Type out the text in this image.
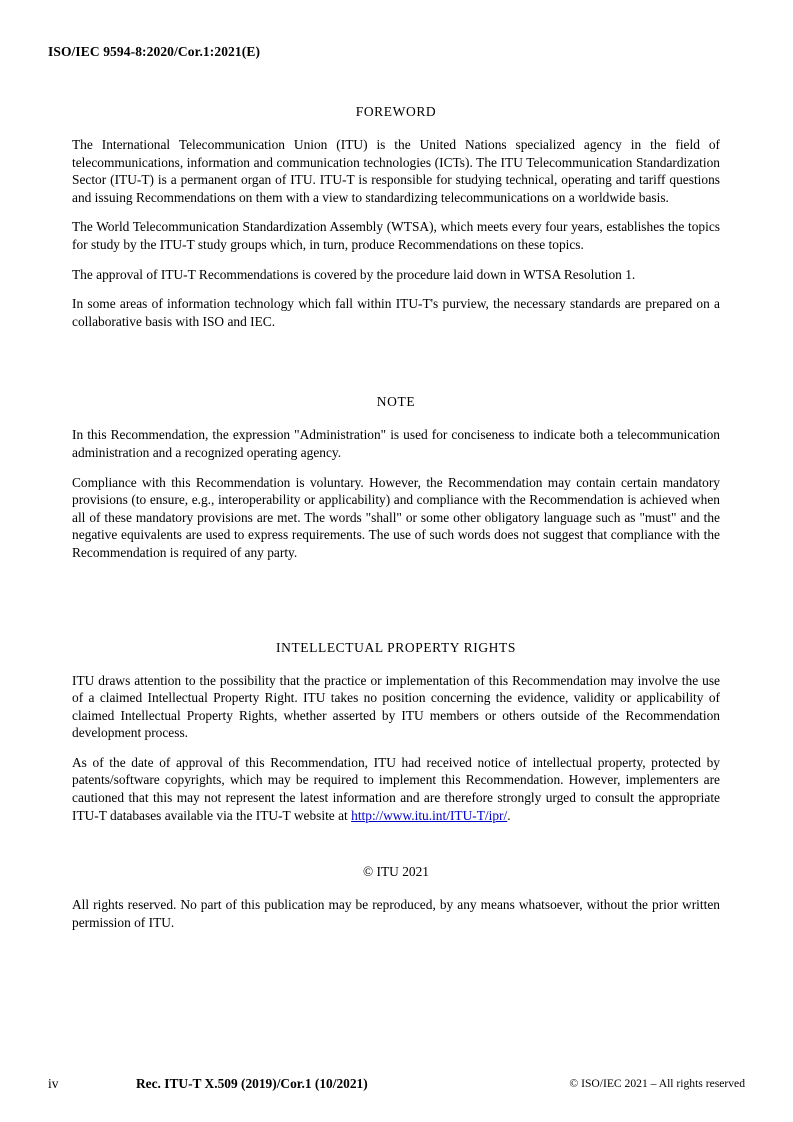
ISO/IEC 9594-8:2020/Cor.1:2021(E)
FOREWORD

The International Telecommunication Union (ITU) is the United Nations specialized agency in the field of telecommunications, information and communication technologies (ICTs). The ITU Telecommunication Standardization Sector (ITU-T) is a permanent organ of ITU. ITU-T is responsible for studying technical, operating and tariff questions and issuing Recommendations on them with a view to standardizing telecommunications on a worldwide basis.

The World Telecommunication Standardization Assembly (WTSA), which meets every four years, establishes the topics for study by the ITU-T study groups which, in turn, produce Recommendations on these topics.

The approval of ITU-T Recommendations is covered by the procedure laid down in WTSA Resolution 1.

In some areas of information technology which fall within ITU-T's purview, the necessary standards are prepared on a collaborative basis with ISO and IEC.

NOTE

In this Recommendation, the expression "Administration" is used for conciseness to indicate both a telecommunication administration and a recognized operating agency.

Compliance with this Recommendation is voluntary. However, the Recommendation may contain certain mandatory provisions (to ensure, e.g., interoperability or applicability) and compliance with the Recommendation is achieved when all of these mandatory provisions are met. The words "shall" or some other obligatory language such as "must" and the negative equivalents are used to express requirements. The use of such words does not suggest that compliance with the Recommendation is required of any party.

INTELLECTUAL PROPERTY RIGHTS

ITU draws attention to the possibility that the practice or implementation of this Recommendation may involve the use of a claimed Intellectual Property Right. ITU takes no position concerning the evidence, validity or applicability of claimed Intellectual Property Rights, whether asserted by ITU members or others outside of the Recommendation development process.

As of the date of approval of this Recommendation, ITU had received notice of intellectual property, protected by patents/software copyrights, which may be required to implement this Recommendation. However, implementers are cautioned that this may not represent the latest information and are therefore strongly urged to consult the appropriate ITU-T databases available via the ITU-T website at http://www.itu.int/ITU-T/ipr/.

© ITU 2021

All rights reserved. No part of this publication may be reproduced, by any means whatsoever, without the prior written permission of ITU.

iv	Rec. ITU-T X.509 (2019)/Cor.1 (10/2021)	© ISO/IEC 2021 – All rights reserved
